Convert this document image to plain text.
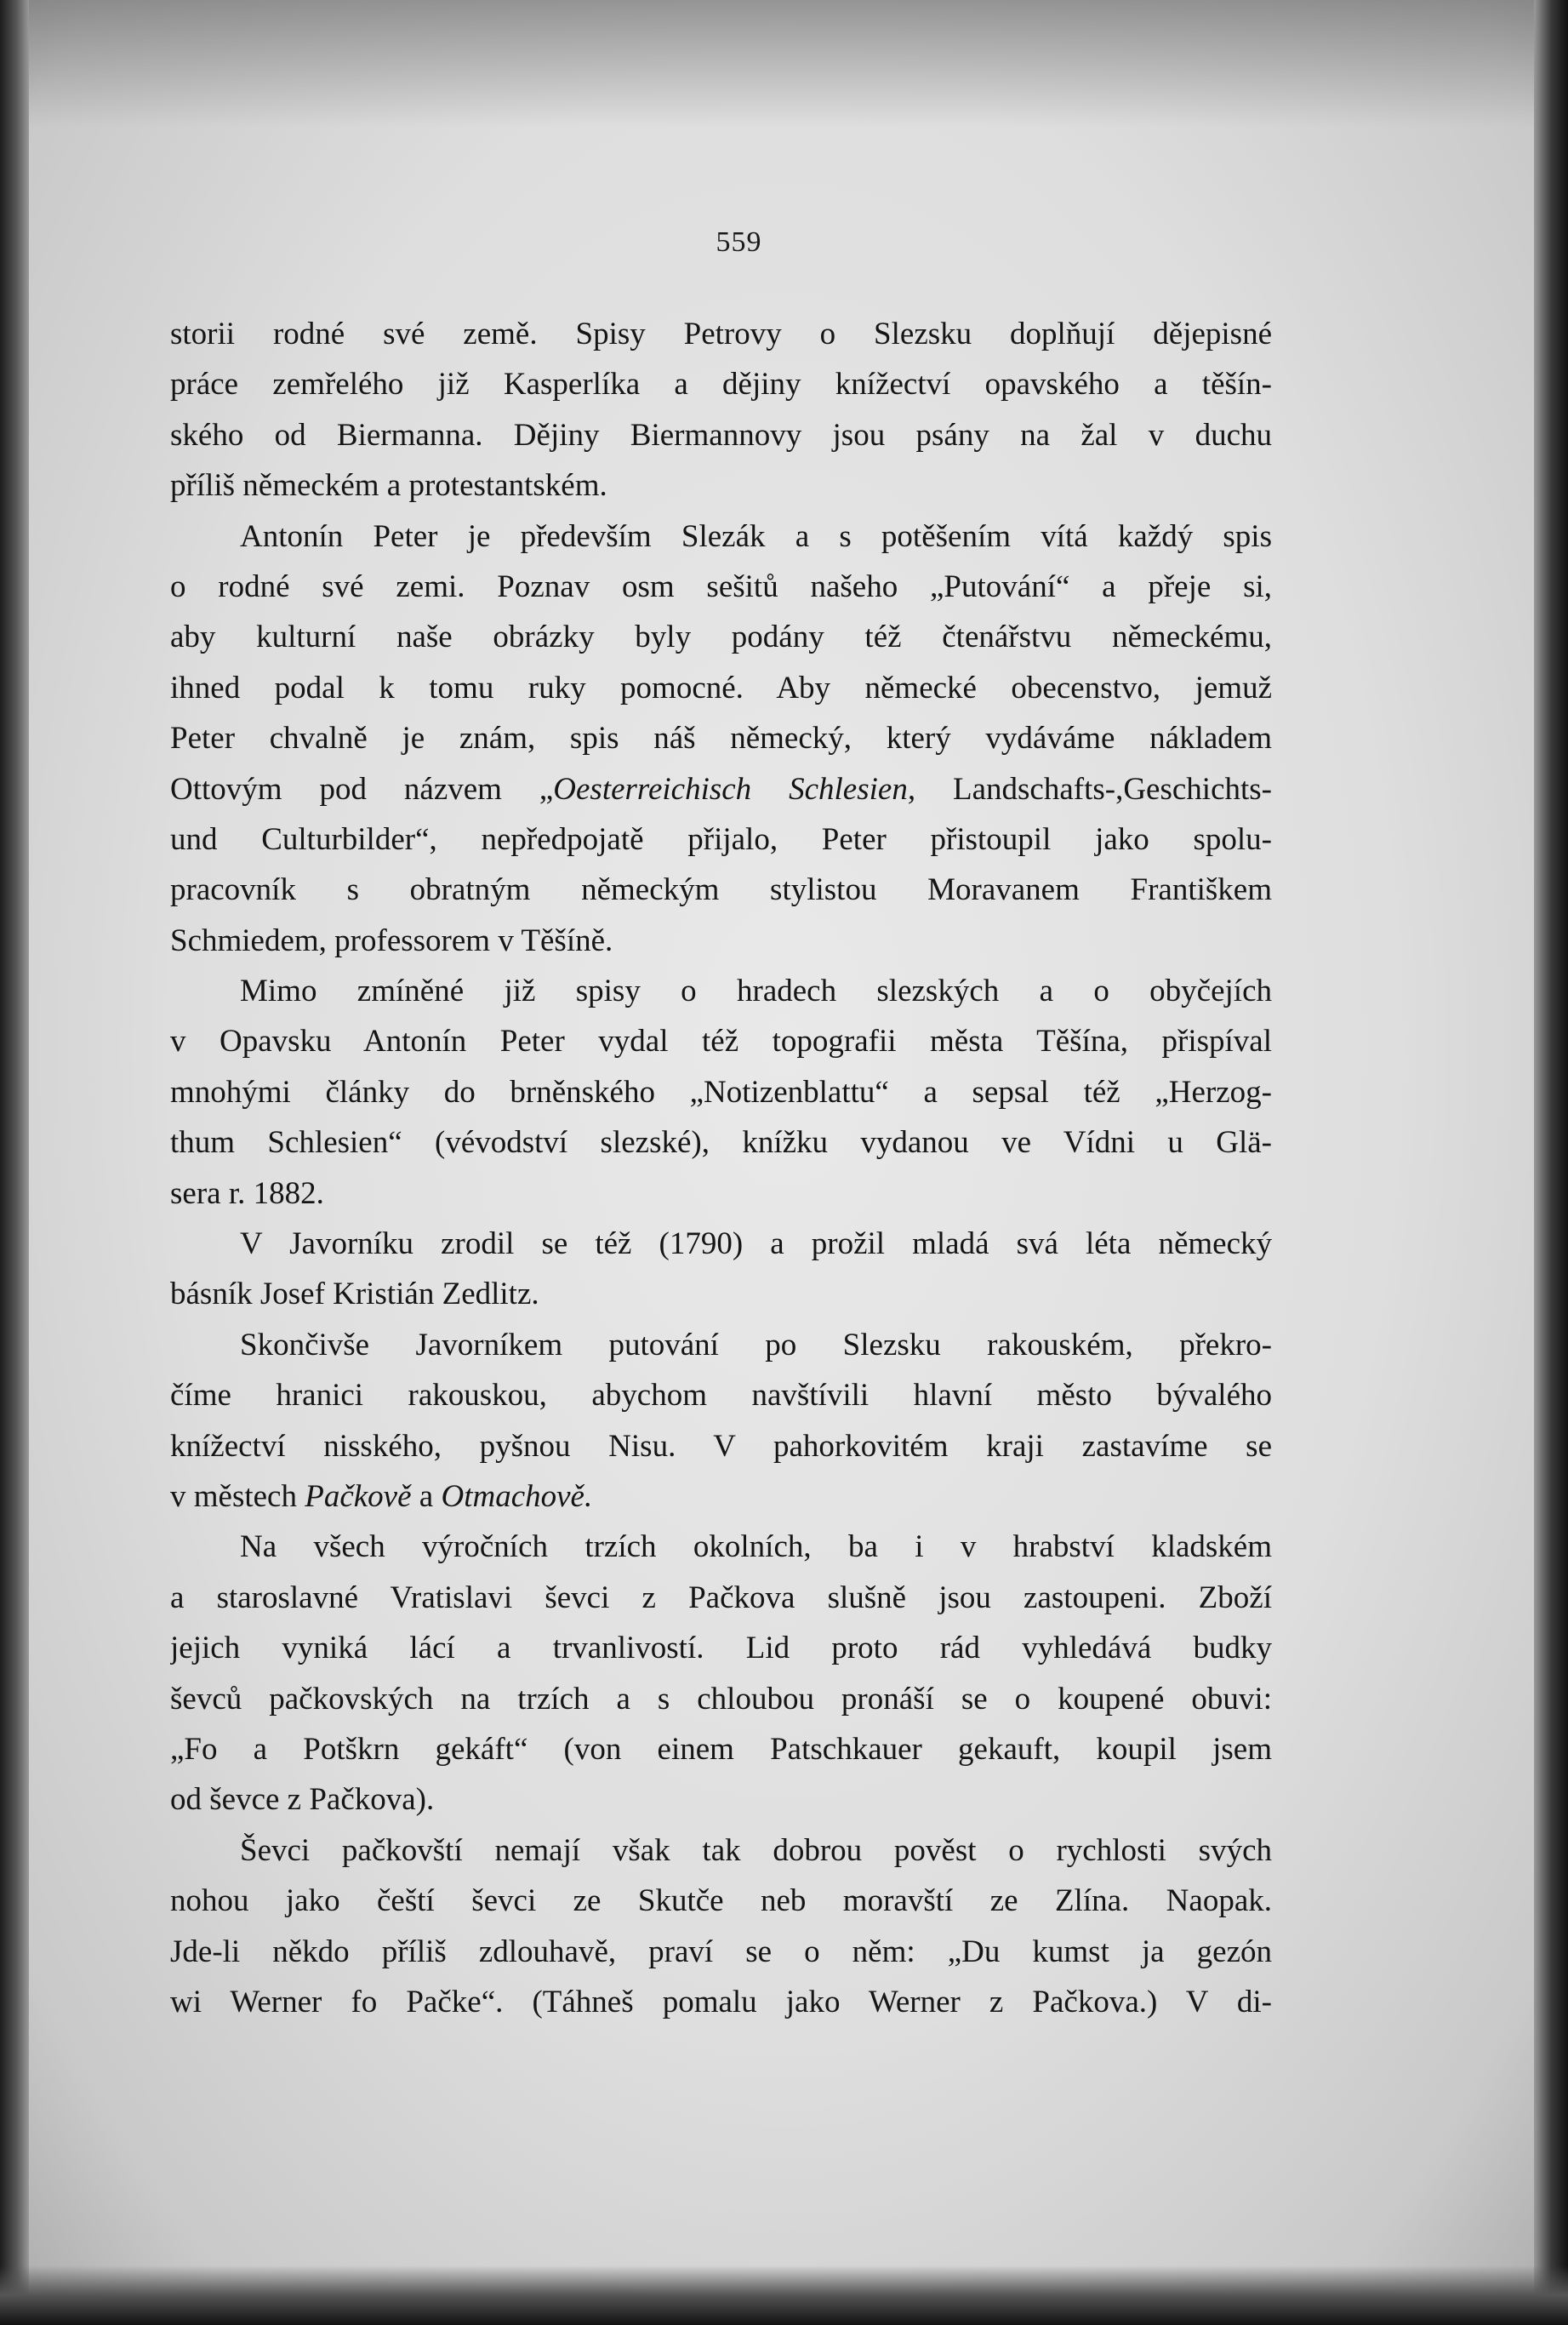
559
storii rodné své země. Spisy Petrovy o Slezsku doplňují dějepisné
práce zemřelého již Kasperlíka a dějiny knížectví opavského a těšín-
ského od Biermanna. Dějiny Biermannovy jsou psány na žal v duchu
příliš německém a protestantském.
Antonín Peter je především Slezák a s potěšením vítá každý spis
o rodné své zemi. Poznav osm sešitů našeho „Putování“ a přeje si,
aby kulturní naše obrázky byly podány též čtenářstvu německému,
ihned podal k tomu ruky pomocné. Aby německé obecenstvo, jemuž
Peter chvalně je znám, spis náš německý, který vydáváme nákladem
Ottovým pod názvem „Oesterreichisch Schlesien, Landschafts-,Geschichts-
und Culturbilder“, nepředpojatě přijalo, Peter přistoupil jako spolu-
pracovník s obratným německým stylistou Moravanem Františkem
Schmiedem, professorem v Těšíně.
Mimo zmíněné již spisy o hradech slezských a o obyčejích
v Opavsku Antonín Peter vydal též topografii města Těšína, přispíval
mnohými články do brněnského „Notizenblattu“ a sepsal též „Herzog-
thum Schlesien“ (vévodství slezské), knížku vydanou ve Vídni u Glä-
sera r. 1882.
V Javorníku zrodil se též (1790) a prožil mladá svá léta německý
básník Josef Kristián Zedlitz.
Skončivše Javorníkem putování po Slezsku rakouském, překro-
číme hranici rakouskou, abychom navštívili hlavní město bývalého
knížectví nisského, pyšnou Nisu. V pahorkovitém kraji zastavíme se
v městech Pačkově a Otmachově.
Na všech výročních trzích okolních, ba i v hrabství kladském
a staroslavné Vratislavi ševci z Pačkova slušně jsou zastoupeni. Zboží
jejich vyniká lácí a trvanlivostí. Lid proto rád vyhledává budky
ševců pačkovských na trzích a s chloubou pronáší se o koupené obuvi:
„Fo a Potškrn gekáft“ (von einem Patschkauer gekauft, koupil jsem
od ševce z Pačkova).
Ševci pačkovští nemají však tak dobrou pověst o rychlosti svých
nohou jako čeští ševci ze Skutče neb moravští ze Zlína. Naopak.
Jde-li někdo příliš zdlouhavě, praví se o něm: „Du kumst ja gezón
wi Werner fo Pačke“. (Táhneš pomalu jako Werner z Pačkova.) V di-
